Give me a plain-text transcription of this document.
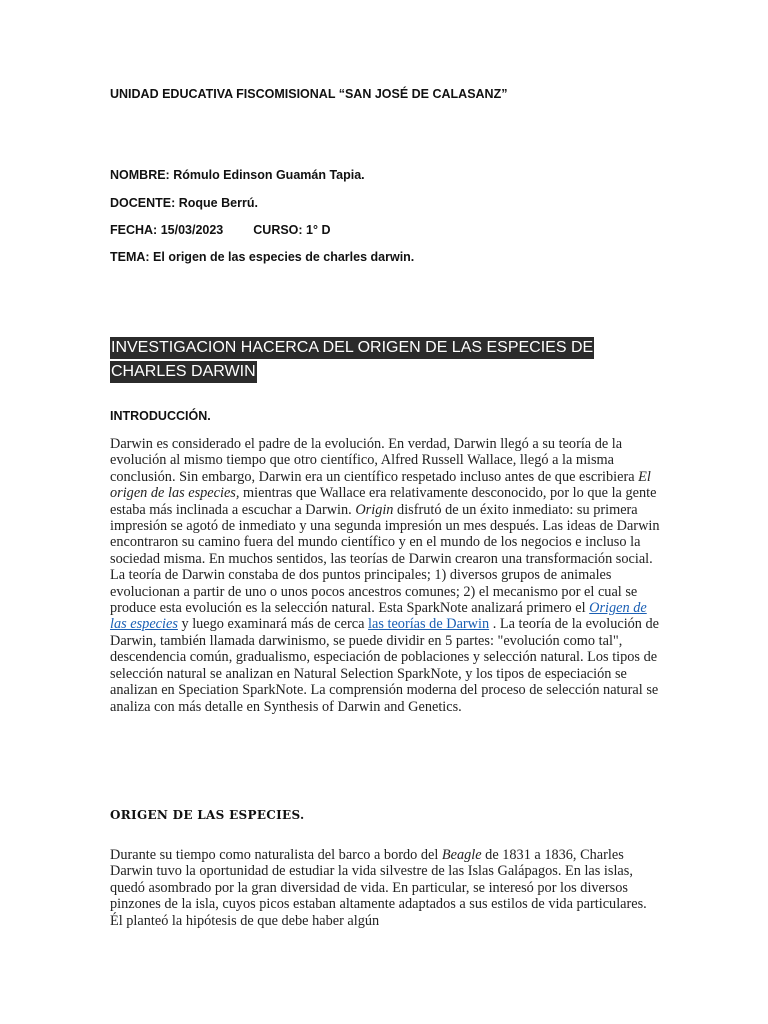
UNIDAD EDUCATIVA FISCOMISIONAL “SAN JOSÉ DE CALASANZ”

NOMBRE: Rómulo Edinson Guamán Tapia.

DOCENTE: Roque Berrú.

FECHA: 15/03/2023 CURSO: 1° D

TEMA: El origen de las especies de charles darwin.

INVESTIGACION HACERCA DEL ORIGEN DE LAS ESPECIES DE
CHARLES DARWIN
INTRODUCCIÓN.

Darwin es considerado el padre de la evolución. En verdad, Darwin llegó a su teoría de la evolución al mismo tiempo que otro científico, Alfred Russell Wallace, llegó a la misma conclusión. Sin embargo, Darwin era un científico respetado incluso antes de que escribiera El origen de las especies, mientras que Wallace era relativamente desconocido, por lo que la gente estaba más inclinada a escuchar a Darwin. Origin disfrutó de un éxito inmediato: su primera impresión se agotó de inmediato y una segunda impresión un mes después. Las ideas de Darwin encontraron su camino fuera del mundo científico y en el mundo de los negocios e incluso la sociedad misma. En muchos sentidos, las teorías de Darwin crearon una transformación social.

La teoría de Darwin constaba de dos puntos principales; 1) diversos grupos de animales evolucionan a partir de uno o unos pocos ancestros comunes; 2) el mecanismo por el cual se produce esta evolución es la selección natural. Esta SparkNote analizará primero el Origen de las especies y luego examinará más de cerca las teorías de Darwin . La teoría de la evolución de Darwin, también llamada darwinismo, se puede dividir en 5 partes: "evolución como tal", descendencia común, gradualismo, especiación de poblaciones y selección natural. Los tipos de selección natural se analizan en Natural Selection SparkNote, y los tipos de especiación se analizan en Speciation SparkNote. La comprensión moderna del proceso de selección natural se analiza con más detalle en Synthesis of Darwin and Genetics.

ORIGEN DE LAS ESPECIES.

Durante su tiempo como naturalista del barco a bordo del Beagle de 1831 a 1836, Charles Darwin tuvo la oportunidad de estudiar la vida silvestre de las Islas Galápagos. En las islas, quedó asombrado por la gran diversidad de vida. En particular, se interesó por los diversos pinzones de la isla, cuyos picos estaban altamente adaptados a sus estilos de vida particulares. Él planteó la hipótesis de que debe haber algún
